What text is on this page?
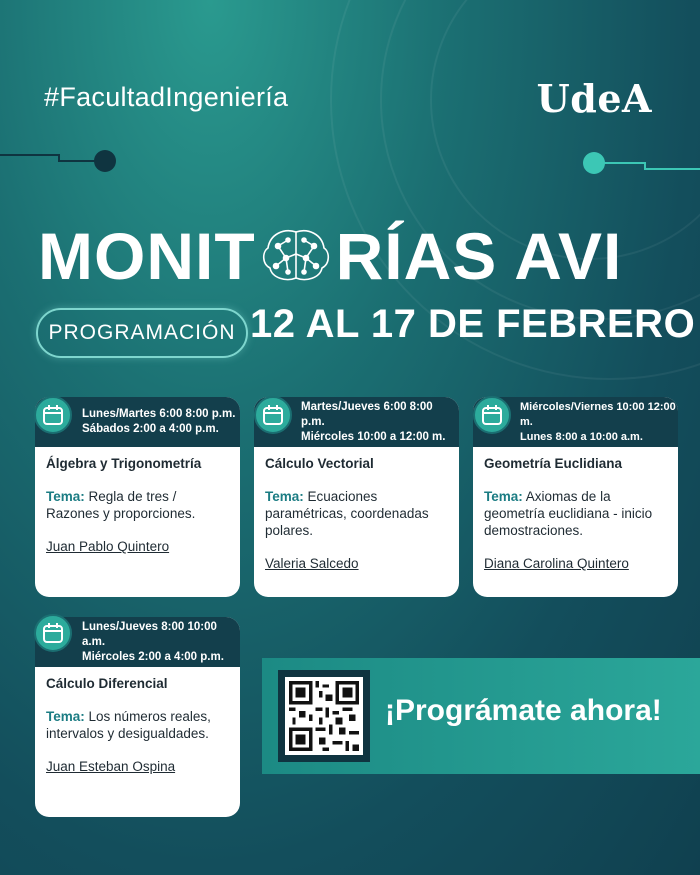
#FacultadIngeniería	UdeA
MONIT RÍAS AVI
PROGRAMACIÓN 12 AL 17 DE FEBRERO
Lunes/Martes 6:00 8:00 p.m.
Sábados 2:00 a 4:00 p.m.
Álgebra y Trigonometría
Tema: Regla de tres / Razones y proporciones.
Juan Pablo Quintero
Martes/Jueves 6:00 8:00 p.m.
Miércoles 10:00 a 12:00 m.
Cálculo Vectorial
Tema: Ecuaciones paramétricas, coordenadas polares.
Valeria Salcedo
Miércoles/Viernes 10:00 12:00 m.
Lunes 8:00 a 10:00 a.m.
Geometría Euclidiana
Tema: Axiomas de la geometría euclidiana - inicio demostraciones.
Diana Carolina Quintero
Lunes/Jueves 8:00 10:00 a.m.
Miércoles 2:00 a 4:00 p.m.
Cálculo Diferencial
Tema: Los números reales, intervalos y desigualdades.
Juan Esteban Ospina
¡Prográmate ahora!
